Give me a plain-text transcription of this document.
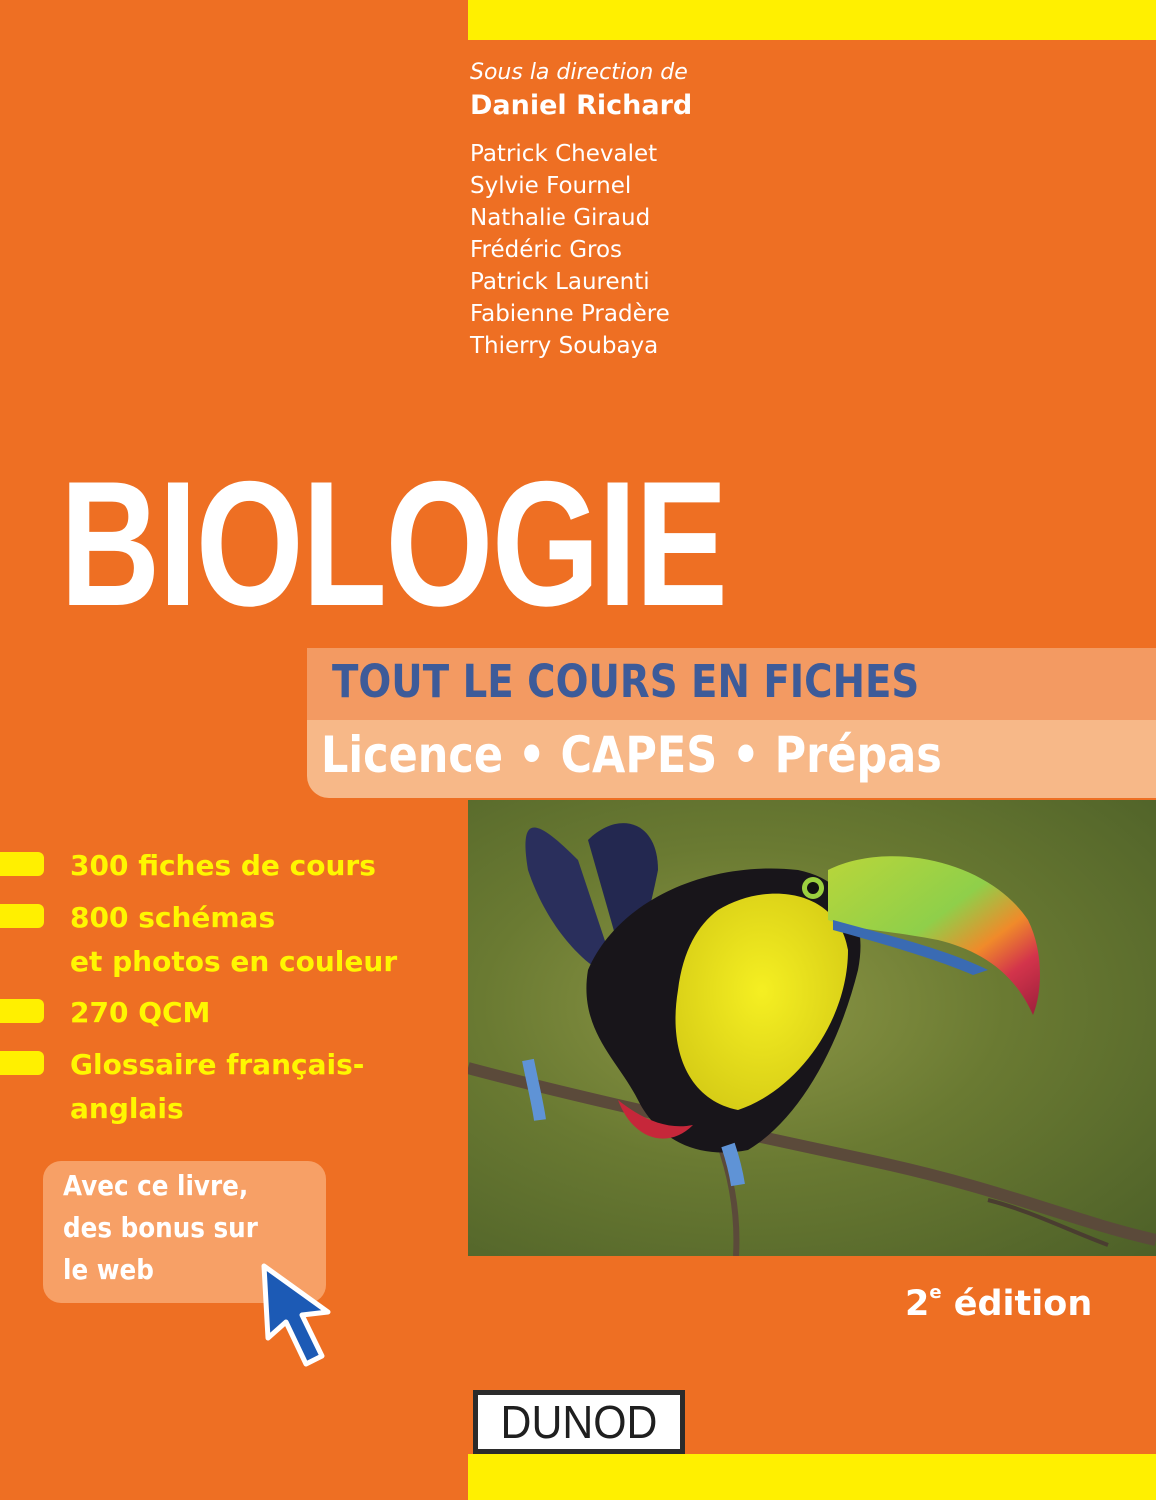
Sous la direction de
Daniel Richard
Patrick Chevalet
Sylvie Fournel
Nathalie Giraud
Frédéric Gros
Patrick Laurenti
Fabienne Pradère
Thierry Soubaya
BIOLOGIE
TOUT LE COURS EN FICHES
Licence • CAPES • Prépas
300 fiches de cours
800 schémas
et photos en couleur
270 QCM
Glossaire français-
anglais
Avec ce livre,
des bonus sur
le web
2e édition
DUNOD
